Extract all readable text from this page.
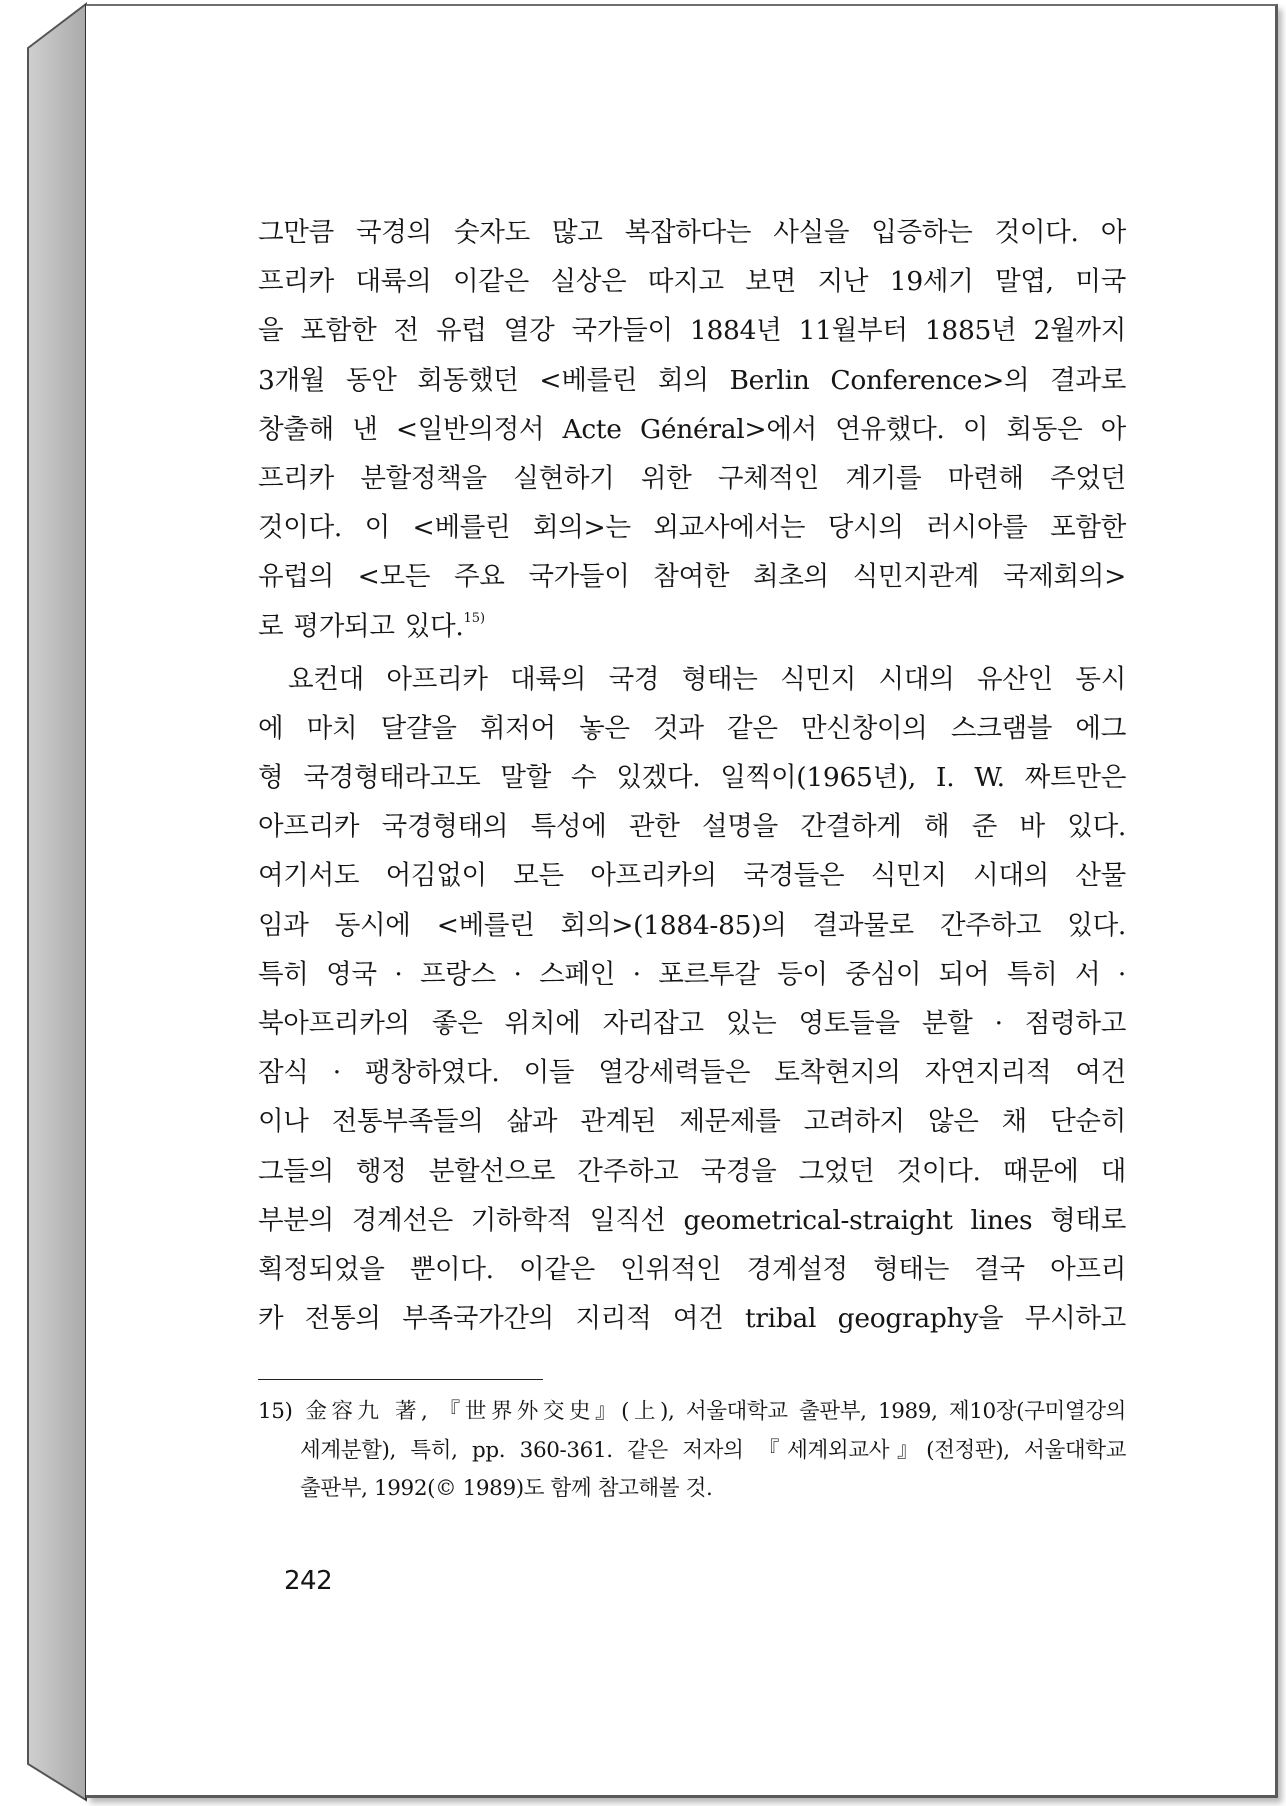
그만큼 국경의 숫자도 많고 복잡하다는 사실을 입증하는 것이다. 아
프리카 대륙의 이같은 실상은 따지고 보면 지난 19세기 말엽, 미국
을 포함한 전 유럽 열강 국가들이 1884년 11월부터 1885년 2월까지
3개월 동안 회동했던 <베를린 회의 Berlin Conference>의 결과로
창출해 낸 <일반의정서 Acte Général>에서 연유했다. 이 회동은 아
프리카 분할정책을 실현하기 위한 구체적인 계기를 마련해 주었던
것이다. 이 <베를린 회의>는 외교사에서는 당시의 러시아를 포함한
유럽의 <모든 주요 국가들이 참여한 최초의 식민지관계 국제회의>
로 평가되고 있다.$^{15)}$

요컨대 아프리카 대륙의 국경 형태는 식민지 시대의 유산인 동시
에 마치 달걀을 휘저어 놓은 것과 같은 만신창이의 스크램블 에그
형 국경형태라고도 말할 수 있겠다. 일찍이(1965년), I. W. 짜트만은
아프리카 국경형태의 특성에 관한 설명을 간결하게 해 준 바 있다.
여기서도 어김없이 모든 아프리카의 국경들은 식민지 시대의 산물
임과 동시에 <베를린 회의>(1884-85)의 결과물로 간주하고 있다.
특히 영국 · 프랑스 · 스페인 · 포르투갈 등이 중심이 되어 특히 서 ·
북아프리카의 좋은 위치에 자리잡고 있는 영토들을 분할 · 점령하고
잠식 · 팽창하였다. 이들 열강세력들은 토착현지의 자연지리적 여건
이나 전통부족들의 삶과 관계된 제문제를 고려하지 않은 채 단순히
그들의 행정 분할선으로 간주하고 국경을 그었던 것이다. 때문에 대
부분의 경계선은 기하학적 일직선 geometrical-straight lines 형태로
획정되었을 뿐이다. 이같은 인위적인 경계설정 형태는 결국 아프리
카 전통의 부족국가간의 지리적 여건 tribal geography을 무시하고

15) 金容九 著, 『世界外交史』(上), 서울대학교 출판부, 1989, 제10장(구미열강의
세계분할), 특히, pp. 360-361. 같은 저자의 『세계외교사』(전정판), 서울대학교
출판부, 1992(© 1989)도 함께 참고해볼 것.
242
